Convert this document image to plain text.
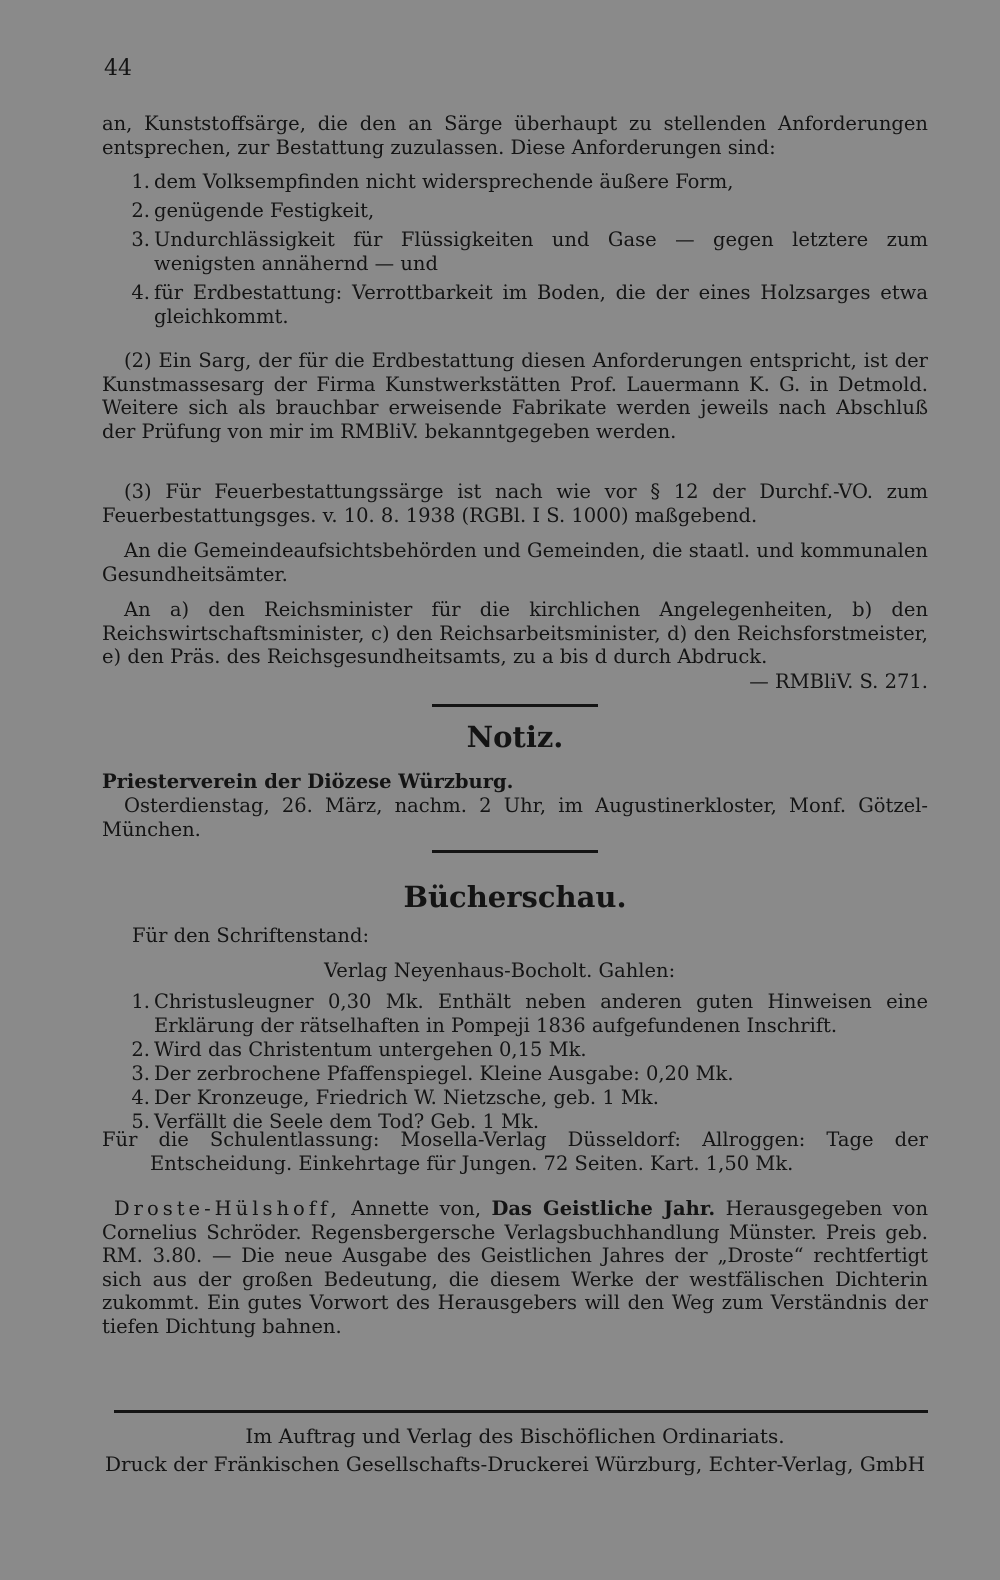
44

an, Kunststoffsärge, die den an Särge überhaupt zu stellenden Anforderungen entsprechen, zur Bestattung zuzulassen. Diese Anforderungen sind:

1. dem Volksempfinden nicht widersprechende äußere Form,
2. genügende Festigkeit,
3. Undurchlässigkeit für Flüssigkeiten und Gase — gegen letztere zum wenigsten annähernd — und
4. für Erdbestattung: Verrottbarkeit im Boden, die der eines Holzsarges etwa gleichkommt.

(2) Ein Sarg, der für die Erdbestattung diesen Anforderungen entspricht, ist der Kunstmassesarg der Firma Kunstwerkstätten Prof. Lauermann K. G. in Detmold. Weitere sich als brauchbar erweisende Fabrikate werden jeweils nach Abschluß der Prüfung von mir im RMBliV. bekanntgegeben werden.

(3) Für Feuerbestattungssärge ist nach wie vor § 12 der Durchf.-VO. zum Feuerbestattungsges. v. 10. 8. 1938 (RGBl. I S. 1000) maßgebend.

An die Gemeindeaufsichtsbehörden und Gemeinden, die staatl. und kommunalen Gesundheitsämter.

An a) den Reichsminister für die kirchlichen Angelegenheiten, b) den Reichswirtschaftsminister, c) den Reichsarbeitsminister, d) den Reichsforstmeister, e) den Präs. des Reichsgesundheitsamts, zu a bis d durch Abdruck.

— RMBliV. S. 271.

Notiz.

Priesterverein der Diözese Würzburg.

Osterdienstag, 26. März, nachm. 2 Uhr, im Augustinerkloster, Monf. Götzel-München.

Bücherschau.

Für den Schriftenstand:

Verlag Neyenhaus-Bocholt. Gahlen:

1. Christusleugner 0,30 Mk. Enthält neben anderen guten Hinweisen eine Erklärung der rätselhaften in Pompeji 1836 aufgefundenen Inschrift.
2. Wird das Christentum untergehen 0,15 Mk.
3. Der zerbrochene Pfaffenspiegel. Kleine Ausgabe: 0,20 Mk.
4. Der Kronzeuge, Friedrich W. Nietzsche, geb. 1 Mk.
5. Verfällt die Seele dem Tod? Geb. 1 Mk.

Für die Schulentlassung: Mosella-Verlag Düsseldorf: Allroggen: Tage der Entscheidung. Einkehrtage für Jungen. 72 Seiten. Kart. 1,50 Mk.

Droste-Hülshoff, Annette von, Das Geistliche Jahr. Herausgegeben von Cornelius Schröder. Regensbergersche Verlagsbuchhandlung Münster. Preis geb. RM. 3.80. — Die neue Ausgabe des Geistlichen Jahres der „Droste“ rechtfertigt sich aus der großen Bedeutung, die diesem Werke der westfälischen Dichterin zukommt. Ein gutes Vorwort des Herausgebers will den Weg zum Verständnis der tiefen Dichtung bahnen.

Im Auftrag und Verlag des Bischöflichen Ordinariats.
Druck der Fränkischen Gesellschafts-Druckerei Würzburg, Echter-Verlag, GmbH
